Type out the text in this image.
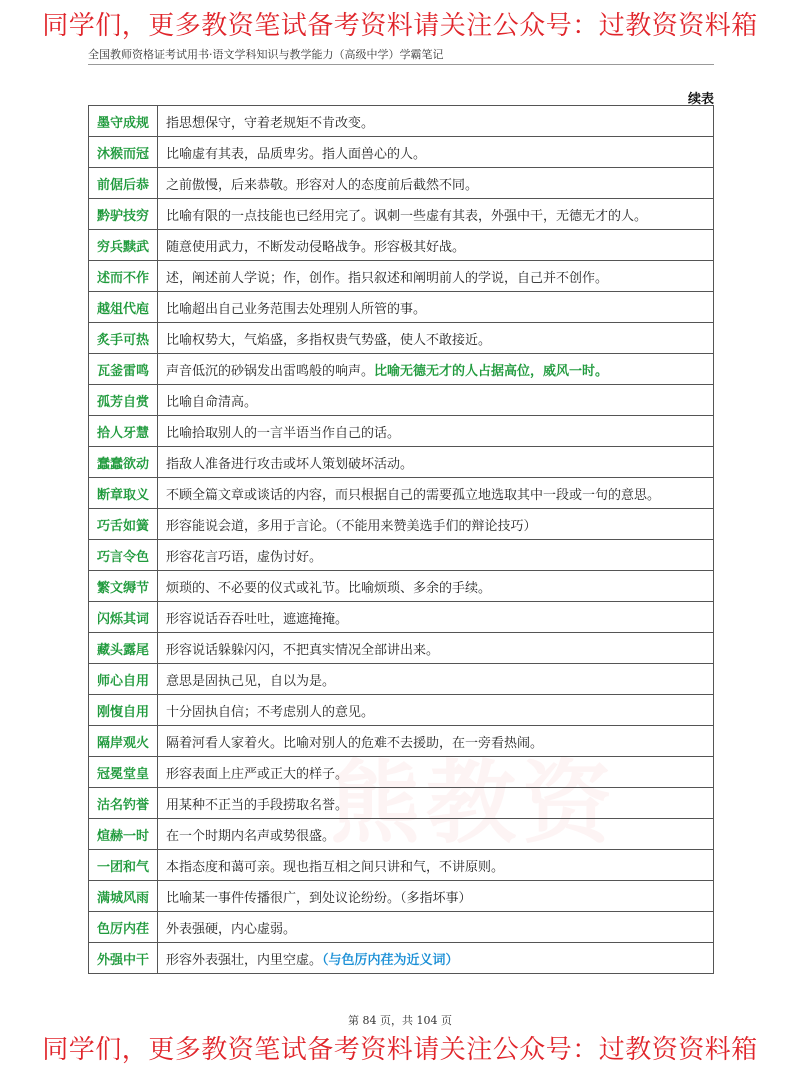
同学们，更多教资笔试备考资料请关注公众号：过教资资料箱
全国教师资格证考试用书·语文学科知识与教学能力（高级中学）学霸笔记
续表
熊教资
墨守成规	指思想保守，守着老规矩不肯改变。
沐猴而冠	比喻虚有其表，品质卑劣。指人面兽心的人。
前倨后恭	之前傲慢，后来恭敬。形容对人的态度前后截然不同。
黔驴技穷	比喻有限的一点技能也已经用完了。讽刺一些虚有其表，外强中干，无德无才的人。
穷兵黩武	随意使用武力，不断发动侵略战争。形容极其好战。
述而不作	述，阐述前人学说；作，创作。指只叙述和阐明前人的学说，自己并不创作。
越俎代庖	比喻超出自己业务范围去处理别人所管的事。
炙手可热	比喻权势大，气焰盛，多指权贵气势盛，使人不敢接近。
瓦釜雷鸣	声音低沉的砂锅发出雷鸣般的响声。比喻无德无才的人占据高位，威风一时。
孤芳自赏	比喻自命清高。
拾人牙慧	比喻拾取别人的一言半语当作自己的话。
蠢蠢欲动	指敌人准备进行攻击或坏人策划破坏活动。
断章取义	不顾全篇文章或谈话的内容，而只根据自己的需要孤立地选取其中一段或一句的意思。
巧舌如簧	形容能说会道，多用于言论。（不能用来赞美选手们的辩论技巧）
巧言令色	形容花言巧语，虚伪讨好。
繁文缛节	烦琐的、不必要的仪式或礼节。比喻烦琐、多余的手续。
闪烁其词	形容说话吞吞吐吐，遮遮掩掩。
藏头露尾	形容说话躲躲闪闪，不把真实情况全部讲出来。
师心自用	意思是固执己见，自以为是。
刚愎自用	十分固执自信；不考虑别人的意见。
隔岸观火	隔着河看人家着火。比喻对别人的危难不去援助，在一旁看热闹。
冠冕堂皇	形容表面上庄严或正大的样子。
沽名钓誉	用某种不正当的手段捞取名誉。
煊赫一时	在一个时期内名声或势很盛。
一团和气	本指态度和蔼可亲。现也指互相之间只讲和气，不讲原则。
满城风雨	比喻某一事件传播很广，到处议论纷纷。（多指坏事）
色厉内荏	外表强硬，内心虚弱。
外强中干	形容外表强壮，内里空虚。（与色厉内荏为近义词）
第 84 页，共 104 页
同学们，更多教资笔试备考资料请关注公众号：过教资资料箱
